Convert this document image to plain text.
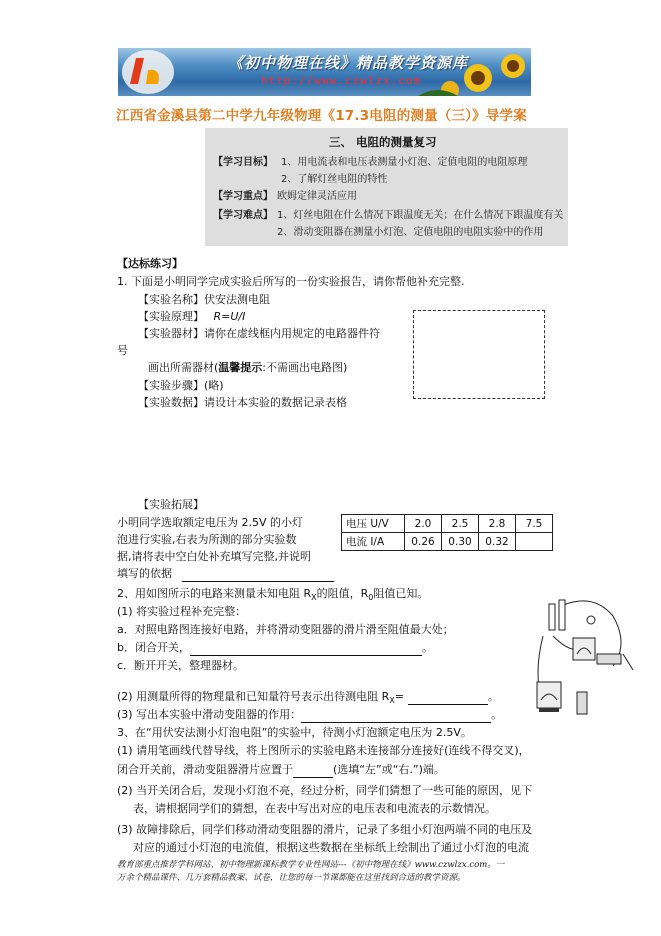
《初中物理在线》精品教学资源库
http://www.czwlzx.com
江西省金溪县第二中学九年级物理《17.3电阻的测量（三）》导学案
三、 电阻的测量复习
【学习目标】 1、用电流表和电压表测量小灯泡、定值电阻的电阻原理
2、了解灯丝电阻的特性
【学习重点】 欧姆定律灵活应用
【学习难点】 1、灯丝电阻在什么情况下跟温度无关；在什么情况下跟温度有关
2、滑动变阻器在测量小灯泡、定值电阻的电阻实验中的作用
【达标练习】
1. 下面是小明同学完成实验后所写的一份实验报告，请你帮他补充完整.
【实验名称】伏安法测电阻
【实验原理】 R=U/I
【实验器材】请你在虚线框内用规定的电路器件符
号
画出所需器材(温馨提示:不需画出电路图)
【实验步骤】(略)
【实验数据】请设计本实验的数据记录表格
【实验拓展】
小明同学选取额定电压为 2.5V 的小灯
泡进行实验,右表为所测的部分实验数
据,请将表中空白处补充填写完整,并说明
填写的依据
电压 U/V	2.0	2.5	2.8	7.5
电流 I/A	0.26	0.30	0.32	
2、用如图所示的电路来测量未知电阻 $R_X$的阻值，$R_0$阻值已知。
(1) 将实验过程补充完整：
a．对照电路图连接好电路，并将滑动变阻器的滑片滑至阻值最大处；
b．闭合开关，	。
c．断开开关，整理器材。
(2) 用测量所得的物理量和已知量符号表示出待测电阻 $R_X=$	。
(3) 写出本实验中滑动变阻器的作用：	。
3、在“用伏安法测小灯泡电阻”的实验中，待测小灯泡额定电压为 2.5V。
(1) 请用笔画线代替导线，将上图所示的实验电路未连接部分连接好(连线不得交叉)，
闭合开关前，滑动变阻器滑片应置于	(选填“左”或“右.”)端。
(2) 当开关闭合后，发现小灯泡不亮，经过分析，同学们猜想了一些可能的原因，见下
表，请根据同学们的猜想，在表中写出对应的电压表和电流表的示数情况。
(3) 故障排除后，同学们移动滑动变阻器的滑片，记录了多组小灯泡两端不同的电压及
对应的通过小灯泡的电流值，根据这些数据在坐标纸上绘制出了通过小灯泡的电流
教育部重点推荐学科网站、初中物理新课标教学专业性网站---《初中物理在线》www.czwlzx.com。一
万余个精品课件、几万套精品教案、试卷，让您的每一节课都能在这里找到合适的教学资源。
